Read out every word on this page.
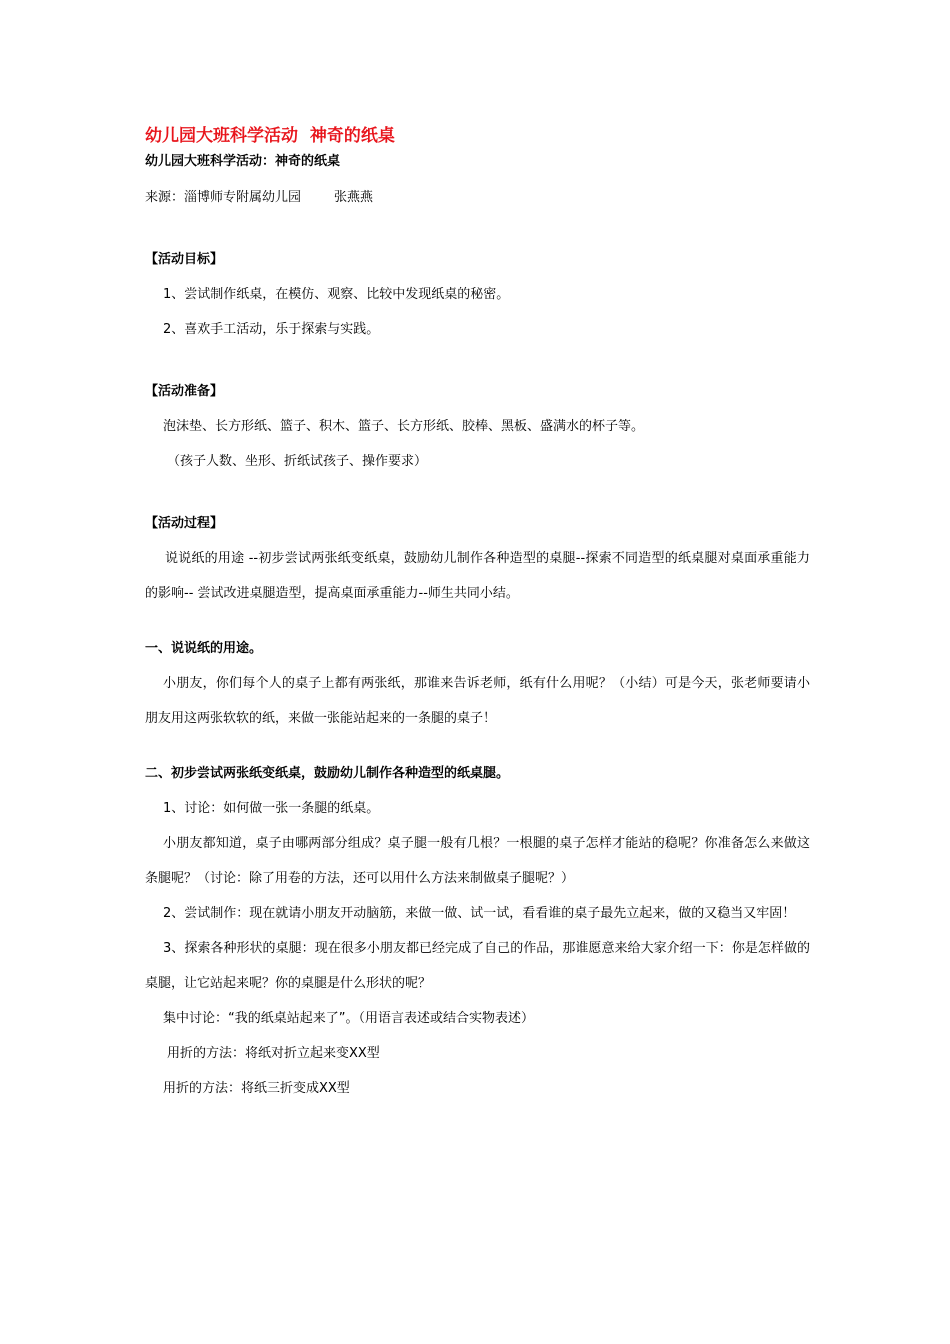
幼儿园大班科学活动  神奇的纸桌

幼儿园大班科学活动：神奇的纸桌

来源：淄博师专附属幼儿园        张燕燕

【活动目标】

1、尝试制作纸桌，在模仿、观察、比较中发现纸桌的秘密。

2、喜欢手工活动，乐于探索与实践。

【活动准备】

泡沫垫、长方形纸、篮子、积木、篮子、长方形纸、胶棒、黑板、盛满水的杯子等。

（孩子人数、坐形、折纸试孩子、操作要求）

【活动过程】

说说纸的用途 --初步尝试两张纸变纸桌，鼓励幼儿制作各种造型的桌腿--探索不同造型的纸桌腿对桌面承重能力的影响-- 尝试改进桌腿造型，提高桌面承重能力--师生共同小结。

一、说说纸的用途。

小朋友，你们每个人的桌子上都有两张纸，那谁来告诉老师，纸有什么用呢？（小结）可是今天，张老师要请小朋友用这两张软软的纸，来做一张能站起来的一条腿的桌子！

二、初步尝试两张纸变纸桌，鼓励幼儿制作各种造型的纸桌腿。

1、讨论：如何做一张一条腿的纸桌。

小朋友都知道，桌子由哪两部分组成？桌子腿一般有几根？一根腿的桌子怎样才能站的稳呢？你准备怎么来做这条腿呢？（讨论：除了用卷的方法，还可以用什么方法来制做桌子腿呢？）

2、尝试制作：现在就请小朋友开动脑筋，来做一做、试一试，看看谁的桌子最先立起来，做的又稳当又牢固！

3、探索各种形状的桌腿：现在很多小朋友都已经完成了自己的作品，那谁愿意来给大家介绍一下：你是怎样做的桌腿，让它站起来呢？你的桌腿是什么形状的呢？

集中讨论：“我的纸桌站起来了”。（用语言表述或结合实物表述）

用折的方法：将纸对折立起来变XX型

用折的方法：将纸三折变成XX型
